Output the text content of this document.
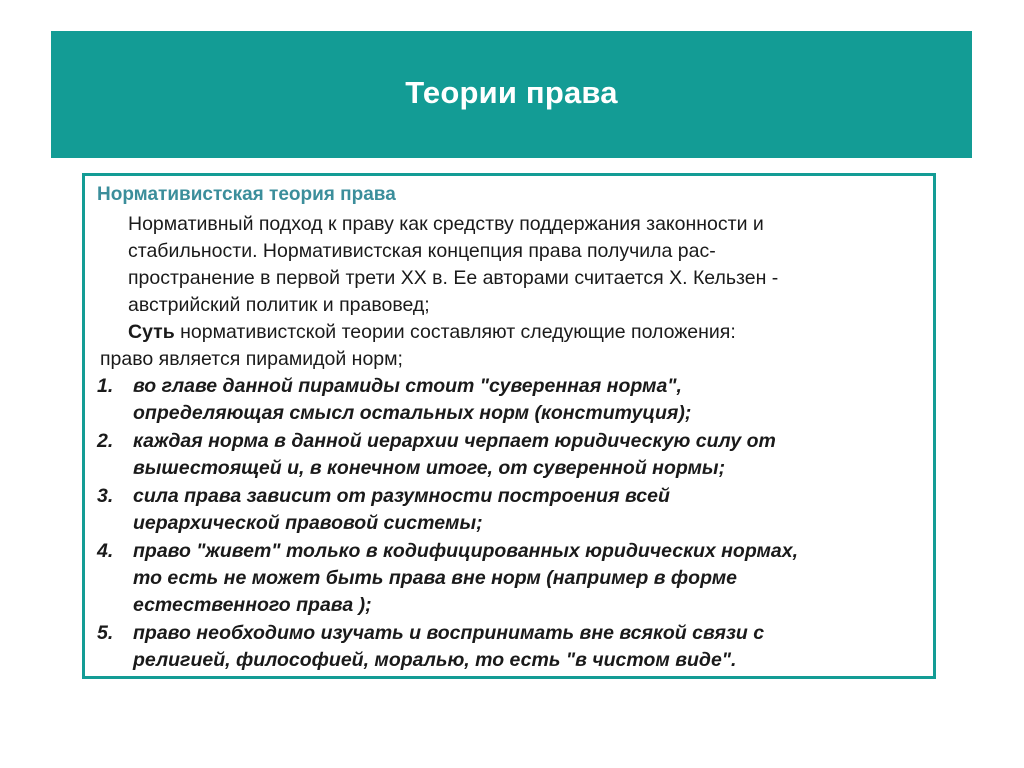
Теории права
Нормативистская теория права
Нормативный подход к праву как средству поддержания законности и
стабильности. Нормативистская концепция права получила рас-
пространение в первой трети XX в. Ее авторами считается Х. Кельзен -
австрийский политик и правовед;
Суть нормативистской теории составляют следующие положения:
право является пирамидой норм;
1. во главе данной пирамиды стоит "суверенная норма",
определяющая смысл остальных норм (конституция);
2. каждая норма в данной иерархии черпает юридическую силу от
вышестоящей и, в конечном итоге, от суверенной нормы;
3. сила права зависит от разумности построения всей
иерархической правовой системы;
4. право "живет" только в кодифицированных юридических нормах,
то есть не может быть права вне норм (например в форме
естественного права );
5. право необходимо изучать и воспринимать вне всякой связи с
религией, философией, моралью, то есть "в чистом виде".
